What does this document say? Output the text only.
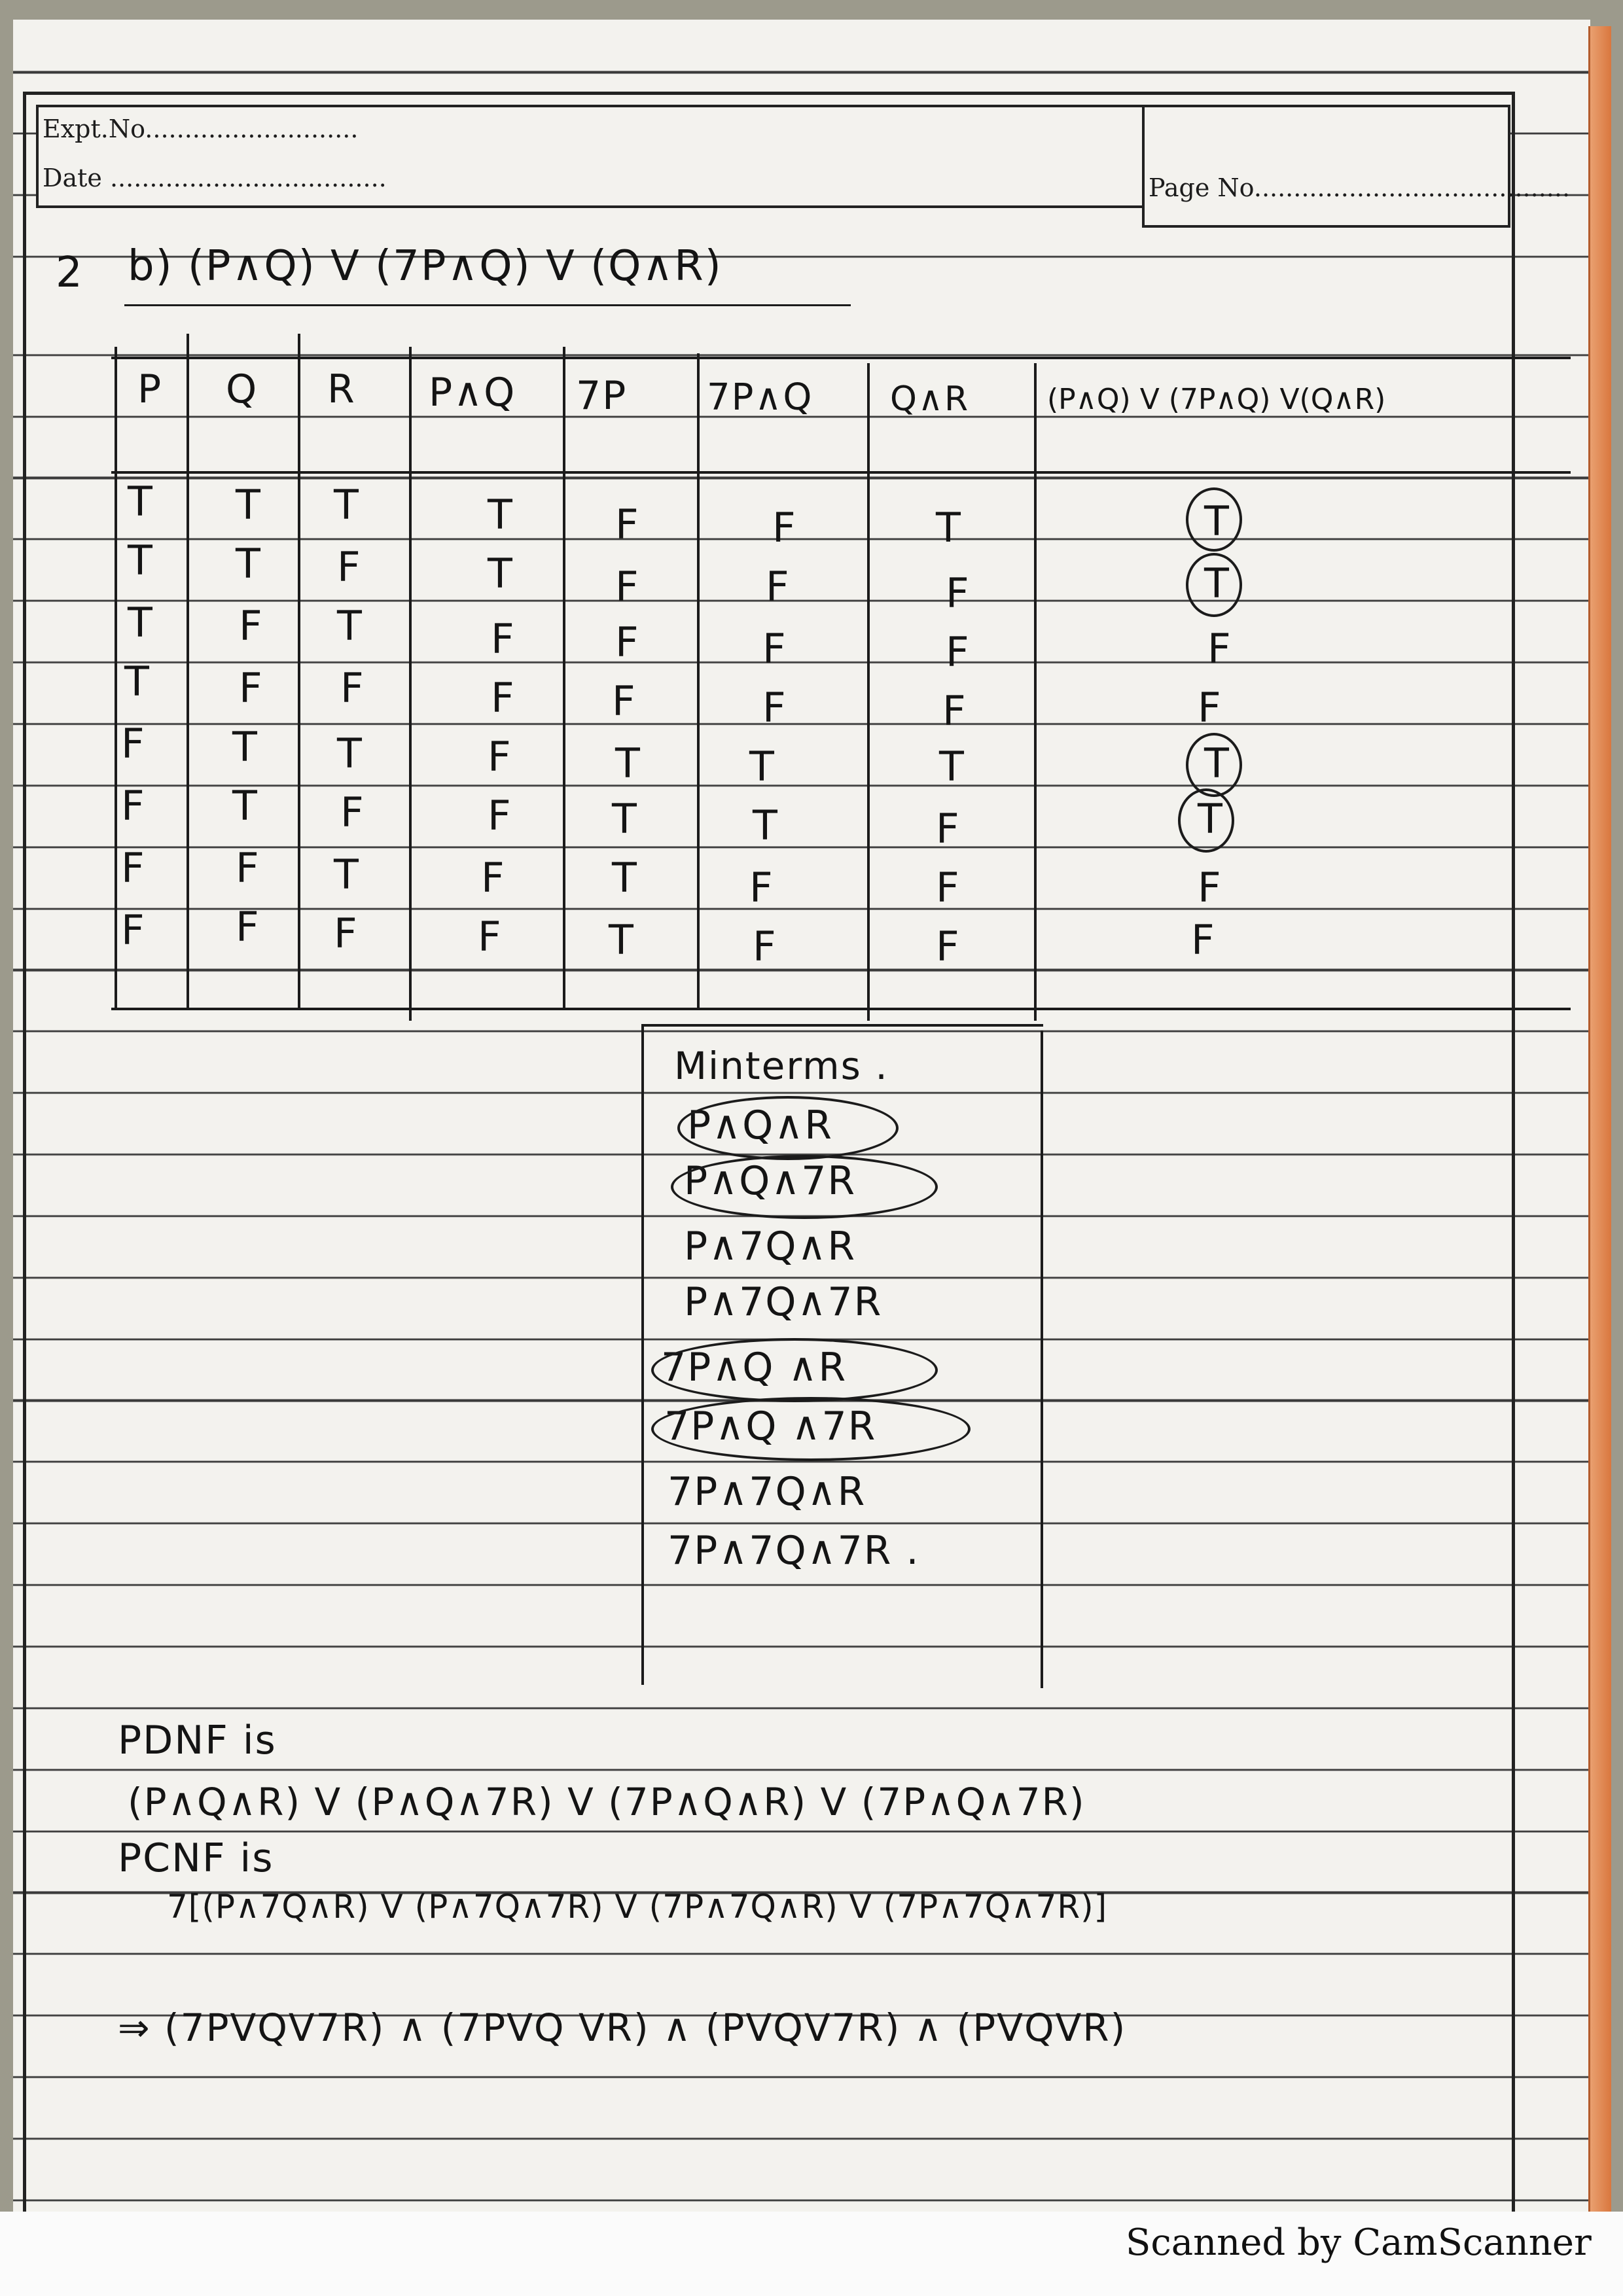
Expt.No...........................
Date ...................................	Page No........................................
2 b) (P∧Q) V (7P∧Q) V (Q∧R)
P Q R P∧Q 7P 7P∧Q Q∧R	(P∧Q) V (7P∧Q) V(Q∧R)
T T T	T	F	F	T	T
T T F	T	F	F	F	T
T F T	F F	F	F	F
T F F	F F	F	F	F
F T T	F	T	T	T	T
F T F	F T	T	F	T
F F T	F	T	F	F	F
F F F	F	T	F	F	F
Minterms .
P∧Q∧R
P∧Q∧7R
P∧7Q∧R
P∧7Q∧7R
7P∧Q ∧R
7P∧Q ∧7R
7P∧7Q∧R
7P∧7Q∧7R .
PDNF is
(P∧Q∧R) V (P∧Q∧7R) V (7P∧Q∧R) V (7P∧Q∧7R)
PCNF is
7[(P∧7Q∧R) V (P∧7Q∧7R) V (7P∧7Q∧R) V (7P∧7Q∧7R)]
⇒ (7PVQV7R) ∧ (7PVQ VR) ∧ (PVQV7R) ∧ (PVQVR)
Scanned by CamScanner
